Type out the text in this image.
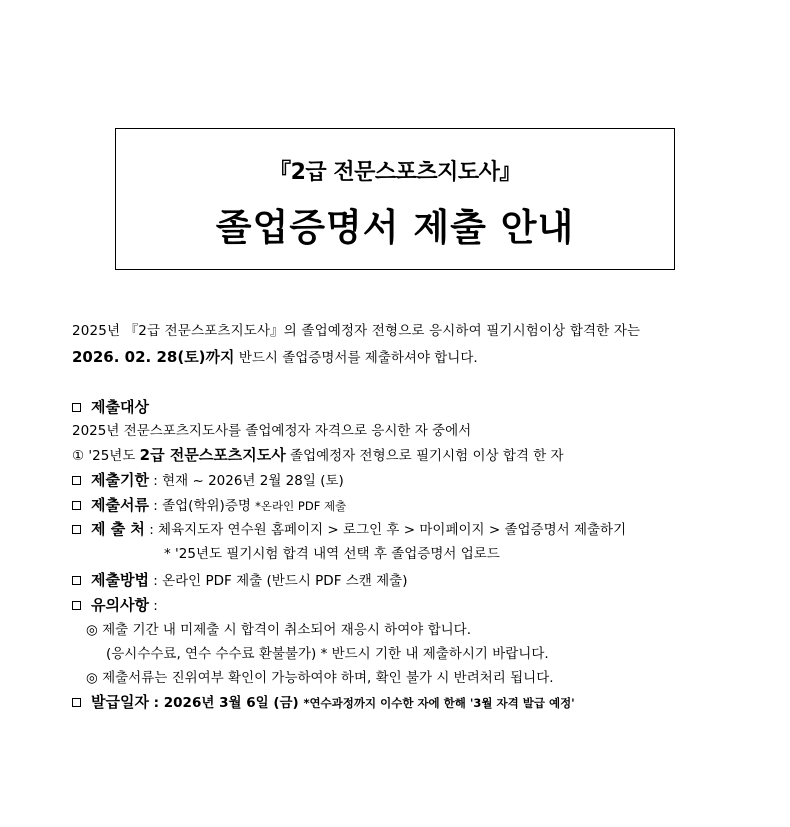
『2급 전문스포츠지도사』
졸업증명서 제출 안내
2025년 『2급 전문스포츠지도사』의 졸업예정자 전형으로 응시하여 필기시험이상 합격한 자는
2026. 02. 28(토)까지 반드시 졸업증명서를 제출하셔야 합니다.
제출대상
2025년 전문스포츠지도사를 졸업예정자 자격으로 응시한 자 중에서
① '25년도 2급 전문스포츠지도사 졸업예정자 전형으로 필기시험 이상 합격 한 자
제출기한 : 현재 ~ 2026년 2월 28일 (토)
제출서류 : 졸업(학위)증명 *온라인 PDF 제출
제 출 처 : 체육지도자 연수원 홈페이지 > 로그인 후 > 마이페이지 > 졸업증명서 제출하기
* '25년도 필기시험 합격 내역 선택 후 졸업증명서 업로드
제출방법 : 온라인 PDF 제출 (반드시 PDF 스캔 제출)
유의사항 :
◎ 제출 기간 내 미제출 시 합격이 취소되어 재응시 하여야 합니다.
(응시수수료, 연수 수수료 환불불가) * 반드시 기한 내 제출하시기 바랍니다.
◎ 제출서류는 진위여부 확인이 가능하여야 하며, 확인 불가 시 반려처리 됩니다.
발급일자 : 2026년 3월 6일 (금) *연수과정까지 이수한 자에 한해 '3월 자격 발급 예정'
